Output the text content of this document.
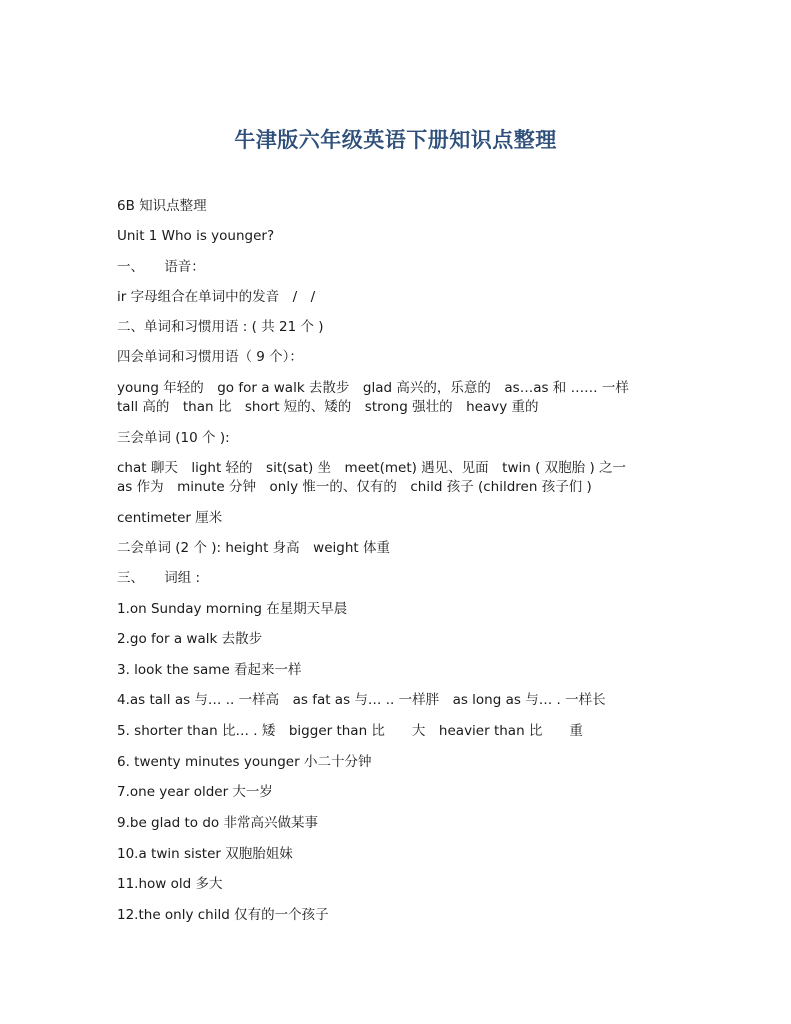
牛津版六年级英语下册知识点整理
6B 知识点整理
Unit 1 Who is younger?
一、　　语音：
ir 字母组合在单词中的发音　/　/
二、单词和习惯用语 : ( 共 21 个 )
四会单词和习惯用语（ 9 个）：
young 年轻的　go for a walk 去散步　glad 高兴的，乐意的　as…as 和 …… 一样
tall 高的　than 比　short 短的、矮的　strong 强壮的　heavy 重的
三会单词 (10 个 ):
chat 聊天　light 轻的　sit(sat) 坐　meet(met) 遇见、见面　twin ( 双胞胎 ) 之一
as 作为　minute 分钟　only 惟一的、仅有的　child 孩子 (children 孩子们 )
centimeter 厘米
二会单词 (2 个 ): height 身高　weight 体重
三、　　词组 :
1.on Sunday morning 在星期天早晨
2.go for a walk 去散步
3. look the same 看起来一样
4.as tall as 与… .. 一样高　as fat as 与… .. 一样胖　as long as 与… . 一样长
5. shorter than 比… . 矮　bigger than 比　　大　heavier than 比　　重
6. twenty minutes younger 小二十分钟
7.one year older 大一岁
9.be glad to do 非常高兴做某事
10.a twin sister 双胞胎姐妹
11.how old 多大
12.the only child 仅有的一个孩子
